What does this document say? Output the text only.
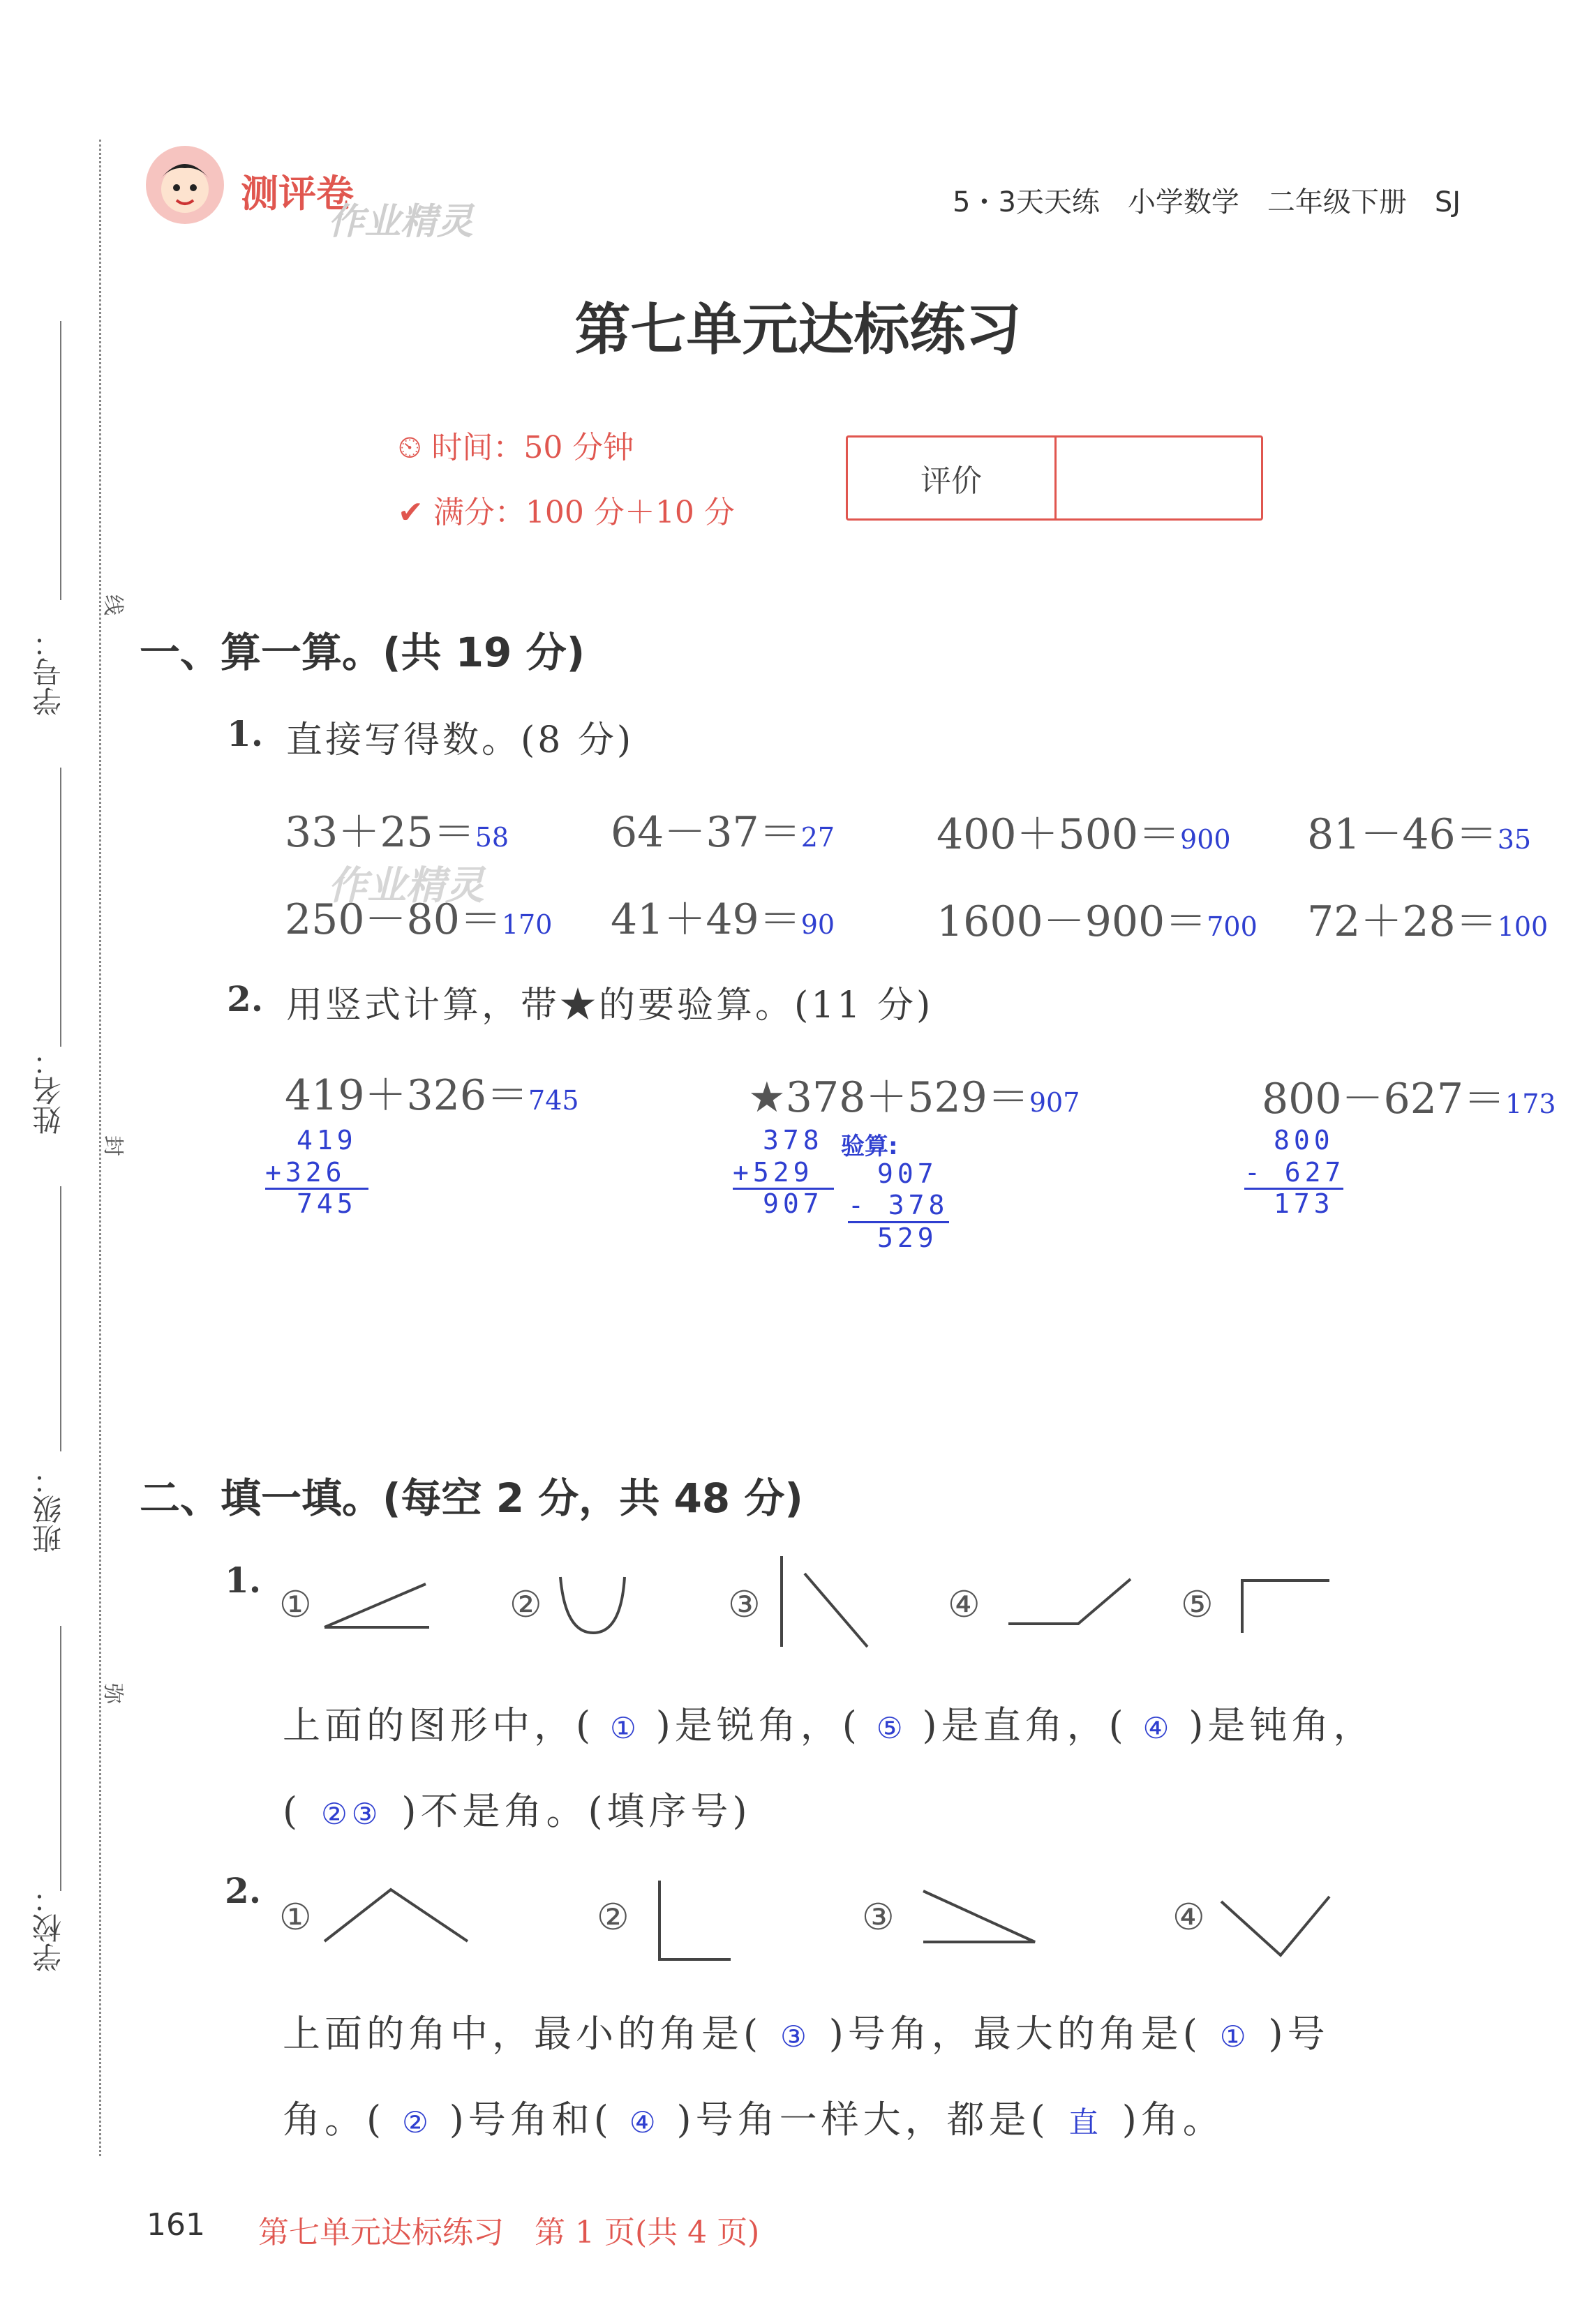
学号：
姓名：
班级：
学校：
线
封
弥
测评卷
作业精灵	5・3天天练　小学数学　二年级下册　SJ
第七单元达标练习
⏲ 时间：50 分钟
✔ 满分：100 分＋10 分
评价
一、算一算。(共 19 分)
1. 直接写得数。(8 分)
33＋25＝58 64－37＝27 400＋500＝900 81－46＝35
250－80＝170 41＋49＝90 1600－900＝700 72＋28＝100
作业精灵
2. 用竖式计算，带★的要验算。(11 分)
419＋326＝745
419
+326
745
★378＋529＝907
378
+529
907
验算:
907
- 378
529
800－627＝173
800
- 627
173
二、填一填。(每空 2 分，共 48 分)
1.
①	②	③	④	⑤
上面的图形中，( ① )是锐角，( ⑤ )是直角，( ④ )是钝角，
( ②③ )不是角。(填序号)
2.
①	②	③	④
上面的角中，最小的角是( ③ )号角，最大的角是( ① )号
角。( ② )号角和( ④ )号角一样大，都是( 直 )角。
161 第七单元达标练习　第 1 页(共 4 页)
